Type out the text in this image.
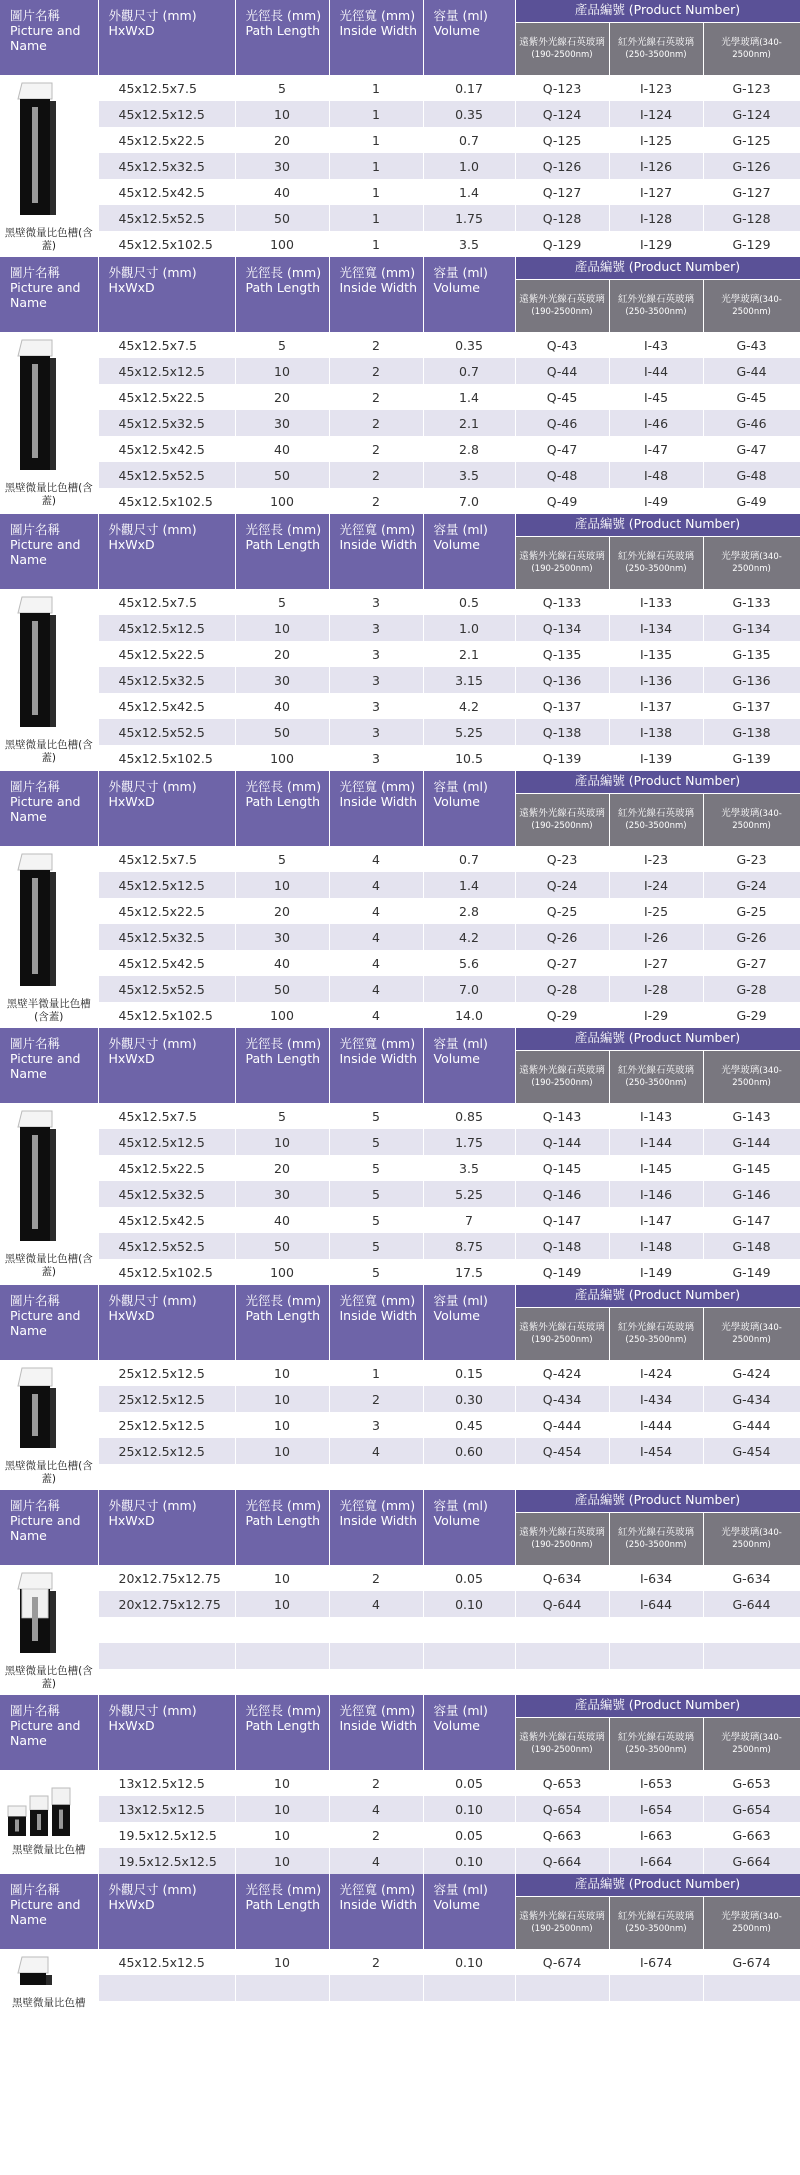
圖片名稱
Picture and
Name	外觀尺寸 (mm)
HxWxD	光徑長 (mm)
Path Length	光徑寬 (mm)
Inside Width	容量 (ml)
Volume	產品編號 (Product Number)		
					遠紫外光線石英玻璃(190-2500nm)	紅外光線石英玻璃(250-3500nm)	光學玻璃(340-2500nm)

黑壁微量比色槽(含蓋)	45x12.5x7.5	5	1	0.17	Q-123	I-123	G-123
	45x12.5x12.5	10	1	0.35	Q-124	I-124	G-124
	45x12.5x22.5	20	1	0.7	Q-125	I-125	G-125
	45x12.5x32.5	30	1	1.0	Q-126	I-126	G-126
	45x12.5x42.5	40	1	1.4	Q-127	I-127	G-127
	45x12.5x52.5	50	1	1.75	Q-128	I-128	G-128
	45x12.5x102.5	100	1	3.5	Q-129	I-129	G-129
圖片名稱
Picture and
Name	外觀尺寸 (mm)
HxWxD	光徑長 (mm)
Path Length	光徑寬 (mm)
Inside Width	容量 (ml)
Volume	產品編號 (Product Number)		
					遠紫外光線石英玻璃(190-2500nm)	紅外光線石英玻璃(250-3500nm)	光學玻璃(340-2500nm)

黑壁微量比色槽(含蓋)	45x12.5x7.5	5	2	0.35	Q-43	I-43	G-43
	45x12.5x12.5	10	2	0.7	Q-44	I-44	G-44
	45x12.5x22.5	20	2	1.4	Q-45	I-45	G-45
	45x12.5x32.5	30	2	2.1	Q-46	I-46	G-46
	45x12.5x42.5	40	2	2.8	Q-47	I-47	G-47
	45x12.5x52.5	50	2	3.5	Q-48	I-48	G-48
	45x12.5x102.5	100	2	7.0	Q-49	I-49	G-49
圖片名稱
Picture and
Name	外觀尺寸 (mm)
HxWxD	光徑長 (mm)
Path Length	光徑寬 (mm)
Inside Width	容量 (ml)
Volume	產品編號 (Product Number)		
					遠紫外光線石英玻璃(190-2500nm)	紅外光線石英玻璃(250-3500nm)	光學玻璃(340-2500nm)

黑壁微量比色槽(含蓋)	45x12.5x7.5	5	3	0.5	Q-133	I-133	G-133
	45x12.5x12.5	10	3	1.0	Q-134	I-134	G-134
	45x12.5x22.5	20	3	2.1	Q-135	I-135	G-135
	45x12.5x32.5	30	3	3.15	Q-136	I-136	G-136
	45x12.5x42.5	40	3	4.2	Q-137	I-137	G-137
	45x12.5x52.5	50	3	5.25	Q-138	I-138	G-138
	45x12.5x102.5	100	3	10.5	Q-139	I-139	G-139
圖片名稱
Picture and
Name	外觀尺寸 (mm)
HxWxD	光徑長 (mm)
Path Length	光徑寬 (mm)
Inside Width	容量 (ml)
Volume	產品編號 (Product Number)		
					遠紫外光線石英玻璃(190-2500nm)	紅外光線石英玻璃(250-3500nm)	光學玻璃(340-2500nm)

黑壁半微量比色槽(含蓋)	45x12.5x7.5	5	4	0.7	Q-23	I-23	G-23
	45x12.5x12.5	10	4	1.4	Q-24	I-24	G-24
	45x12.5x22.5	20	4	2.8	Q-25	I-25	G-25
	45x12.5x32.5	30	4	4.2	Q-26	I-26	G-26
	45x12.5x42.5	40	4	5.6	Q-27	I-27	G-27
	45x12.5x52.5	50	4	7.0	Q-28	I-28	G-28
	45x12.5x102.5	100	4	14.0	Q-29	I-29	G-29
圖片名稱
Picture and
Name	外觀尺寸 (mm)
HxWxD	光徑長 (mm)
Path Length	光徑寬 (mm)
Inside Width	容量 (ml)
Volume	產品編號 (Product Number)		
					遠紫外光線石英玻璃(190-2500nm)	紅外光線石英玻璃(250-3500nm)	光學玻璃(340-2500nm)

黑壁微量比色槽(含蓋)	45x12.5x7.5	5	5	0.85	Q-143	I-143	G-143
	45x12.5x12.5	10	5	1.75	Q-144	I-144	G-144
	45x12.5x22.5	20	5	3.5	Q-145	I-145	G-145
	45x12.5x32.5	30	5	5.25	Q-146	I-146	G-146
	45x12.5x42.5	40	5	7	Q-147	I-147	G-147
	45x12.5x52.5	50	5	8.75	Q-148	I-148	G-148
	45x12.5x102.5	100	5	17.5	Q-149	I-149	G-149
圖片名稱
Picture and
Name	外觀尺寸 (mm)
HxWxD	光徑長 (mm)
Path Length	光徑寬 (mm)
Inside Width	容量 (ml)
Volume	產品編號 (Product Number)		
					遠紫外光線石英玻璃(190-2500nm)	紅外光線石英玻璃(250-3500nm)	光學玻璃(340-2500nm)

黑壁微量比色槽(含蓋)	25x12.5x12.5	10	1	0.15	Q-424	I-424	G-424
	25x12.5x12.5	10	2	0.30	Q-434	I-434	G-434
	25x12.5x12.5	10	3	0.45	Q-444	I-444	G-444
	25x12.5x12.5	10	4	0.60	Q-454	I-454	G-454

圖片名稱
Picture and
Name	外觀尺寸 (mm)
HxWxD	光徑長 (mm)
Path Length	光徑寬 (mm)
Inside Width	容量 (ml)
Volume	產品編號 (Product Number)		
					遠紫外光線石英玻璃(190-2500nm)	紅外光線石英玻璃(250-3500nm)	光學玻璃(340-2500nm)

黑壁微量比色槽(含蓋)	20x12.75x12.75	10	2	0.05	Q-634	I-634	G-634
	20x12.75x12.75	10	4	0.10	Q-644	I-644	G-644

圖片名稱
Picture and
Name	外觀尺寸 (mm)
HxWxD	光徑長 (mm)
Path Length	光徑寬 (mm)
Inside Width	容量 (ml)
Volume	產品編號 (Product Number)		
					遠紫外光線石英玻璃(190-2500nm)	紅外光線石英玻璃(250-3500nm)	光學玻璃(340-2500nm)

黑壁微量比色槽	13x12.5x12.5	10	2	0.05	Q-653	I-653	G-653
	13x12.5x12.5	10	4	0.10	Q-654	I-654	G-654
	19.5x12.5x12.5	10	2	0.05	Q-663	I-663	G-663
	19.5x12.5x12.5	10	4	0.10	Q-664	I-664	G-664
圖片名稱
Picture and
Name	外觀尺寸 (mm)
HxWxD	光徑長 (mm)
Path Length	光徑寬 (mm)
Inside Width	容量 (ml)
Volume	產品編號 (Product Number)		
					遠紫外光線石英玻璃(190-2500nm)	紅外光線石英玻璃(250-3500nm)	光學玻璃(340-2500nm)

黑壁微量比色槽	45x12.5x12.5	10	2	0.10	Q-674	I-674	G-674
